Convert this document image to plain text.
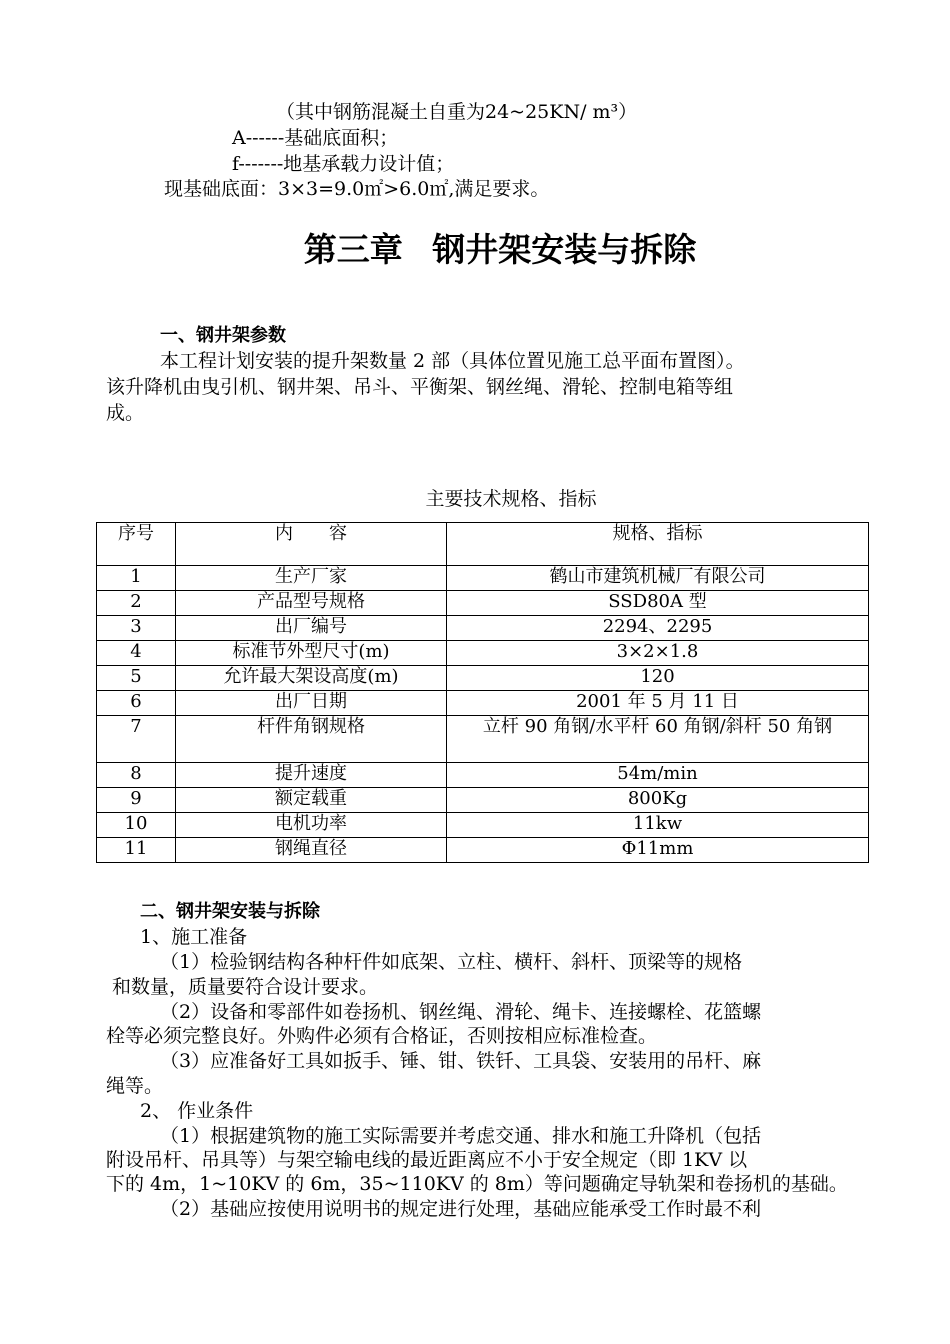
（其中钢筋混凝土自重为24~25KN/ m³）
A------基础底面积；
f-------地基承载力设计值；
现基础底面：3×3=9.0㎡>6.0㎡,满足要求。
第三章 钢井架安装与拆除
一、钢井架参数
本工程计划安装的提升架数量 2 部（具体位置见施工总平面布置图）。
该升降机由曳引机、钢井架、吊斗、平衡架、钢丝绳、滑轮、控制电箱等组
成。
主要技术规格、指标
序号	内　　容	规格、指标
1	生产厂家	鹤山市建筑机械厂有限公司
2	产品型号规格	SSD80A 型
3	出厂编号	2294、2295
4	标准节外型尺寸(m)	3×2×1.8
5	允许最大架设高度(m)	120
6	出厂日期	2001 年 5 月 11 日
7	杆件角钢规格	立杆 90 角钢/水平杆 60 角钢/斜杆 50 角钢
8	提升速度	54m/min
9	额定载重	800Kg
10	电机功率	11kw
11	钢绳直径	Φ11mm
二、钢井架安装与拆除
1、施工准备
（1）检验钢结构各种杆件如底架、立柱、横杆、斜杆、顶梁等的规格
和数量，质量要符合设计要求。
（2）设备和零部件如卷扬机、钢丝绳、滑轮、绳卡、连接螺栓、花篮螺
栓等必须完整良好。外购件必须有合格证，否则按相应标准检查。
（3）应准备好工具如扳手、锤、钳、铁钎、工具袋、安装用的吊杆、麻
绳等。
2、 作业条件
（1）根据建筑物的施工实际需要并考虑交通、排水和施工升降机（包括
附设吊杆、吊具等）与架空输电线的最近距离应不小于安全规定（即 1KV 以
下的 4m，1~10KV 的 6m，35~110KV 的 8m）等问题确定导轨架和卷扬机的基础。
（2）基础应按使用说明书的规定进行处理，基础应能承受工作时最不利
